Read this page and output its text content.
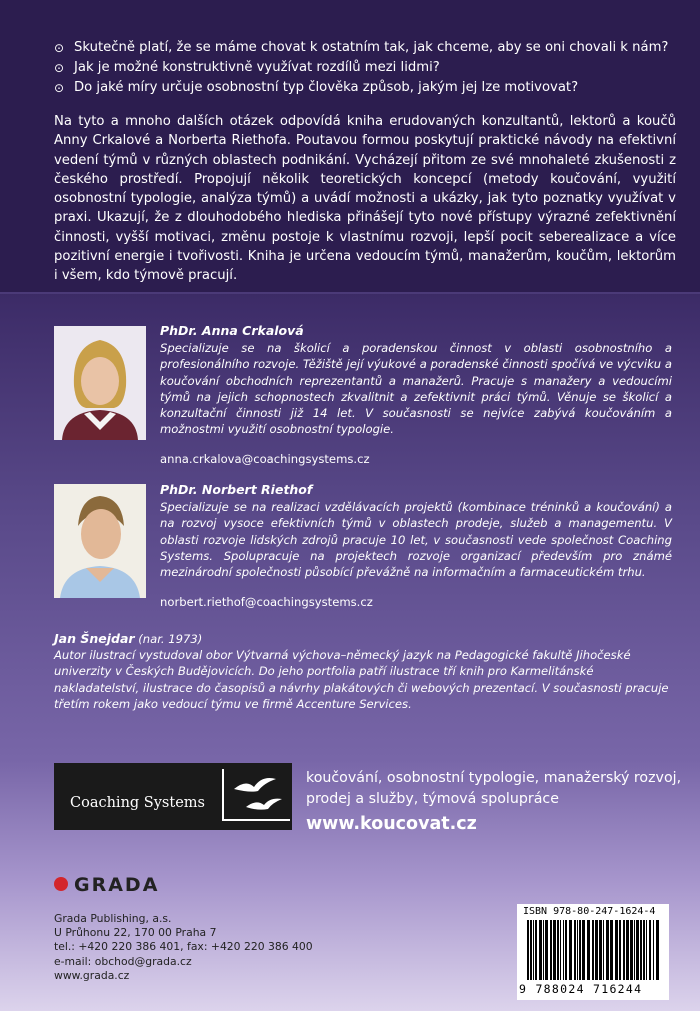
⊙ Skutečně platí, že se máme chovat k ostatním tak, jak chceme, aby se oni chovali k nám?
⊙ Jak je možné konstruktivně využívat rozdílů mezi lidmi?
⊙ Do jaké míry určuje osobnostní typ člověka způsob, jakým jej lze motivovat?
Na tyto a mnoho dalších otázek odpovídá kniha erudovaných konzultantů, lektorů a koučů Anny Crkalové a Norberta Riethofa. Poutavou formou poskytují praktické návody na efektivní vedení týmů v různých oblastech podnikání. Vycházejí přitom ze své mnohaleté zkušenosti z českého prostředí. Propojují několik teoretických koncepcí (metody koučování, využití osobnostní typologie, analýza týmů) a uvádí možnosti a ukázky, jak tyto poznatky využívat v praxi. Ukazují, že z dlouhodobého hlediska přinášejí tyto nové přístupy výrazné zefektivnění činnosti, vyšší motivaci, změnu postoje k vlastnímu rozvoji, lepší pocit seberealizace a více pozitivní energie i tvořivosti. Kniha je určena vedoucím týmů, manažerům, koučům, lektorům i všem, kdo týmově pracují.
PhDr. Anna Crkalová
Specializuje se na školicí a poradenskou činnost v oblasti osobnostního a profesionálního rozvoje. Těžiště její výukové a poradenské činnosti spočívá ve výcviku a koučování obchodních reprezentantů a manažerů. Pracuje s manažery a vedoucími týmů na jejich schopnostech zkvalitnit a zefektivnit práci týmů. Věnuje se školicí a konzultační činnosti již 14 let. V současnosti se nejvíce zabývá koučováním a možnostmi využití osobnostní typologie.
anna.crkalova@coachingsystems.cz
PhDr. Norbert Riethof
Specializuje se na realizaci vzdělávacích projektů (kombinace tréninků a koučování) a na rozvoj vysoce efektivních týmů v oblastech prodeje, služeb a managementu. V oblasti rozvoje lidských zdrojů pracuje 10 let, v současnosti vede společnost Coaching Systems. Spolupracuje na projektech rozvoje organizací především pro známé mezinárodní společnosti působící převážně na informačním a farmaceutickém trhu.
norbert.riethof@coachingsystems.cz
Jan Šnejdar (nar. 1973)
Autor ilustrací vystudoval obor Výtvarná výchova–německý jazyk na Pedagogické fakultě Jihočeské univerzity v Českých Budějovicích. Do jeho portfolia patří ilustrace tří knih pro Karmelitánské nakladatelství, ilustrace do časopisů a návrhy plakátových či webových prezentací. V současnosti pracuje třetím rokem jako vedoucí týmu ve firmě Accenture Services.
Coaching Systems
koučování, osobnostní typologie, manažerský rozvoj, prodej a služby, týmová spolupráce
www.koucovat.cz
GRADA
Grada Publishing, a.s.
U Průhonu 22, 170 00 Praha 7
tel.: +420 220 386 401, fax: +420 220 386 400
e-mail: obchod@grada.cz
www.grada.cz
ISBN 978-80-247-1624-4
9 788024 716244
